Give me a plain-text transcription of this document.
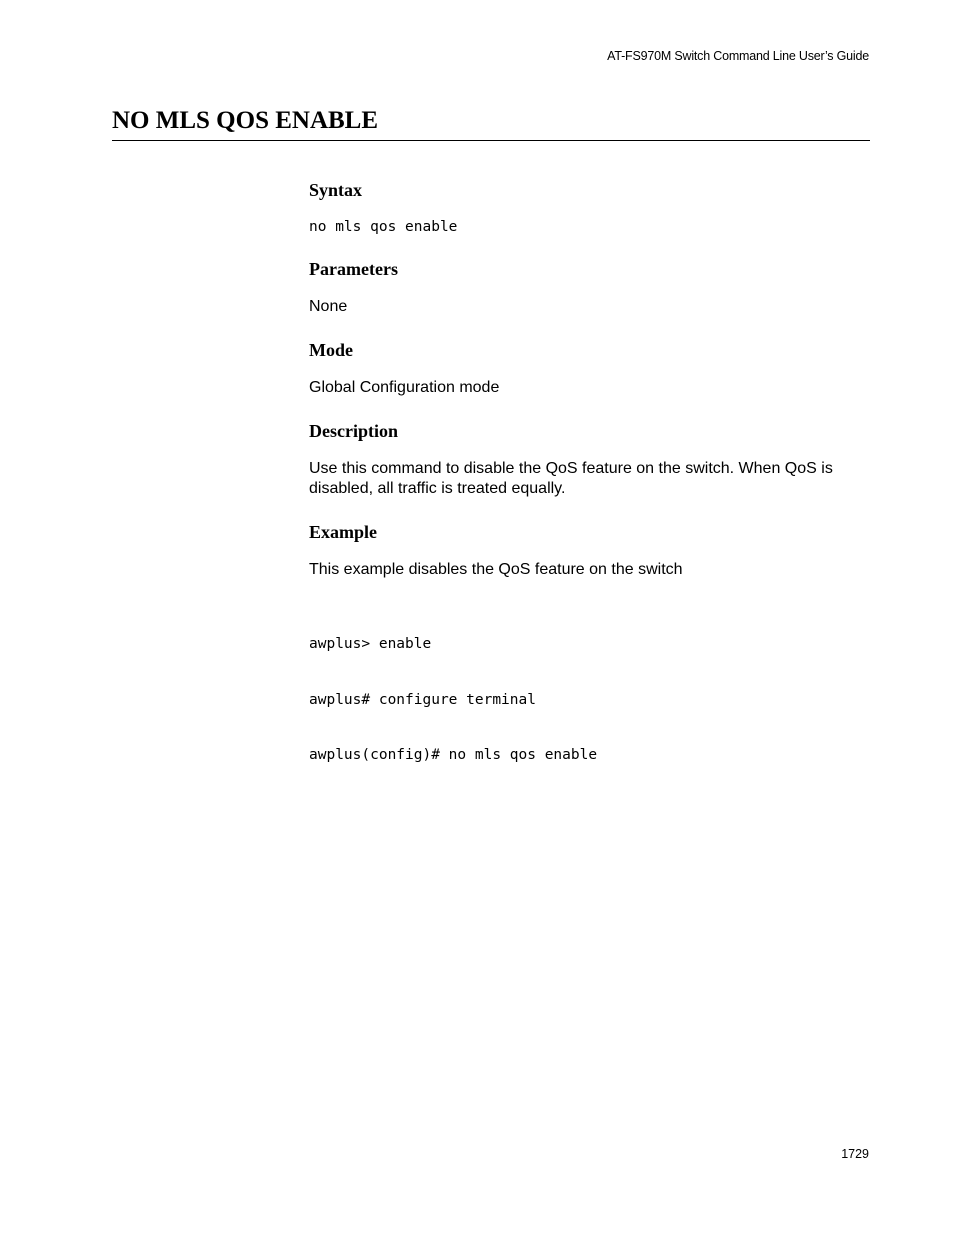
AT-FS970M Switch Command Line User’s Guide
NO MLS QOS ENABLE
Syntax
no mls qos enable
Parameters

None

Mode

Global Configuration mode

Description

Use this command to disable the QoS feature on the switch. When QoS is disabled, all traffic is treated equally.

Example

This example disables the QoS feature on the switch

awplus> enable

awplus# configure terminal

awplus(config)# no mls qos enable

1729
